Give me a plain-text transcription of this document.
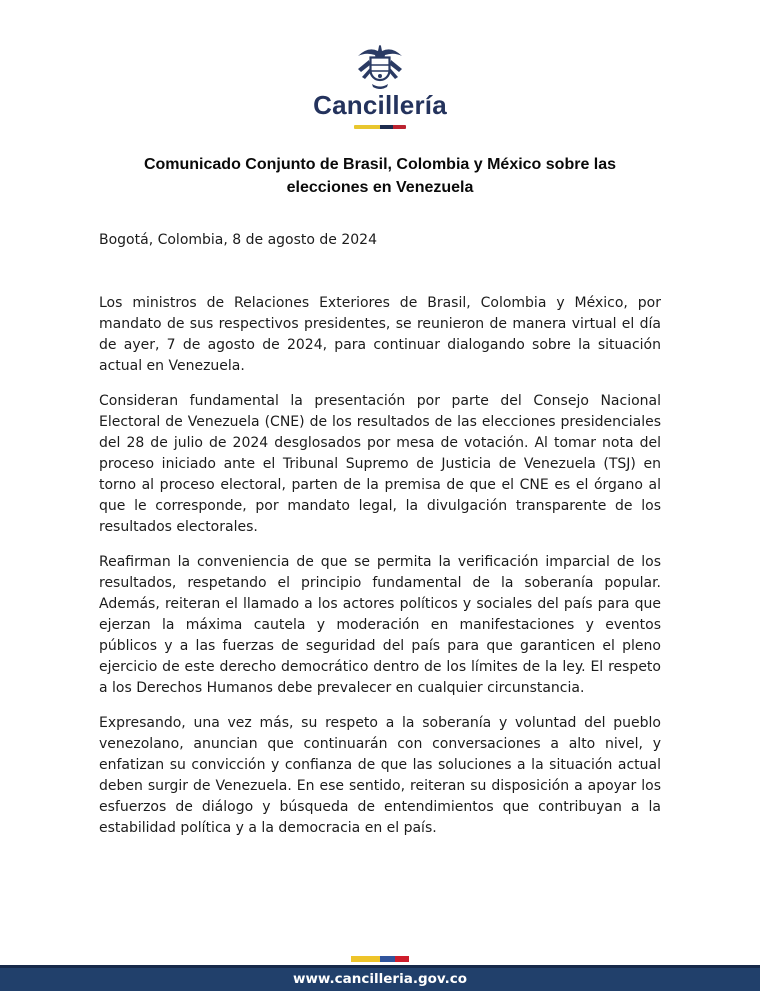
Cancillería
Comunicado Conjunto de Brasil, Colombia y México sobre las
elecciones en Venezuela

Bogotá, Colombia, 8 de agosto de 2024

Los ministros de Relaciones Exteriores de Brasil, Colombia y México, por mandato de sus respectivos presidentes, se reunieron de manera virtual el día de ayer, 7 de agosto de 2024, para continuar dialogando sobre la situación actual en Venezuela.

Consideran fundamental la presentación por parte del Consejo Nacional Electoral de Venezuela (CNE) de los resultados de las elecciones presidenciales del 28 de julio de 2024 desglosados por mesa de votación. Al tomar nota del proceso iniciado ante el Tribunal Supremo de Justicia de Venezuela (TSJ) en torno al proceso electoral, parten de la premisa de que el CNE es el órgano al que le corresponde, por mandato legal, la divulgación transparente de los resultados electorales.

Reafirman la conveniencia de que se permita la verificación imparcial de los resultados, respetando el principio fundamental de la soberanía popular. Además, reiteran el llamado a los actores políticos y sociales del país para que ejerzan la máxima cautela y moderación en manifestaciones y eventos públicos y a las fuerzas de seguridad del país para que garanticen el pleno ejercicio de este derecho democrático dentro de los límites de la ley. El respeto a los Derechos Humanos debe prevalecer en cualquier circunstancia.

Expresando, una vez más, su respeto a la soberanía y voluntad del pueblo venezolano, anuncian que continuarán con conversaciones a alto nivel, y enfatizan su convicción y confianza de que las soluciones a la situación actual deben surgir de Venezuela. En ese sentido, reiteran su disposición a apoyar los esfuerzos de diálogo y búsqueda de entendimientos que contribuyan a la estabilidad política y a la democracia en el país.

www.cancilleria.gov.co
